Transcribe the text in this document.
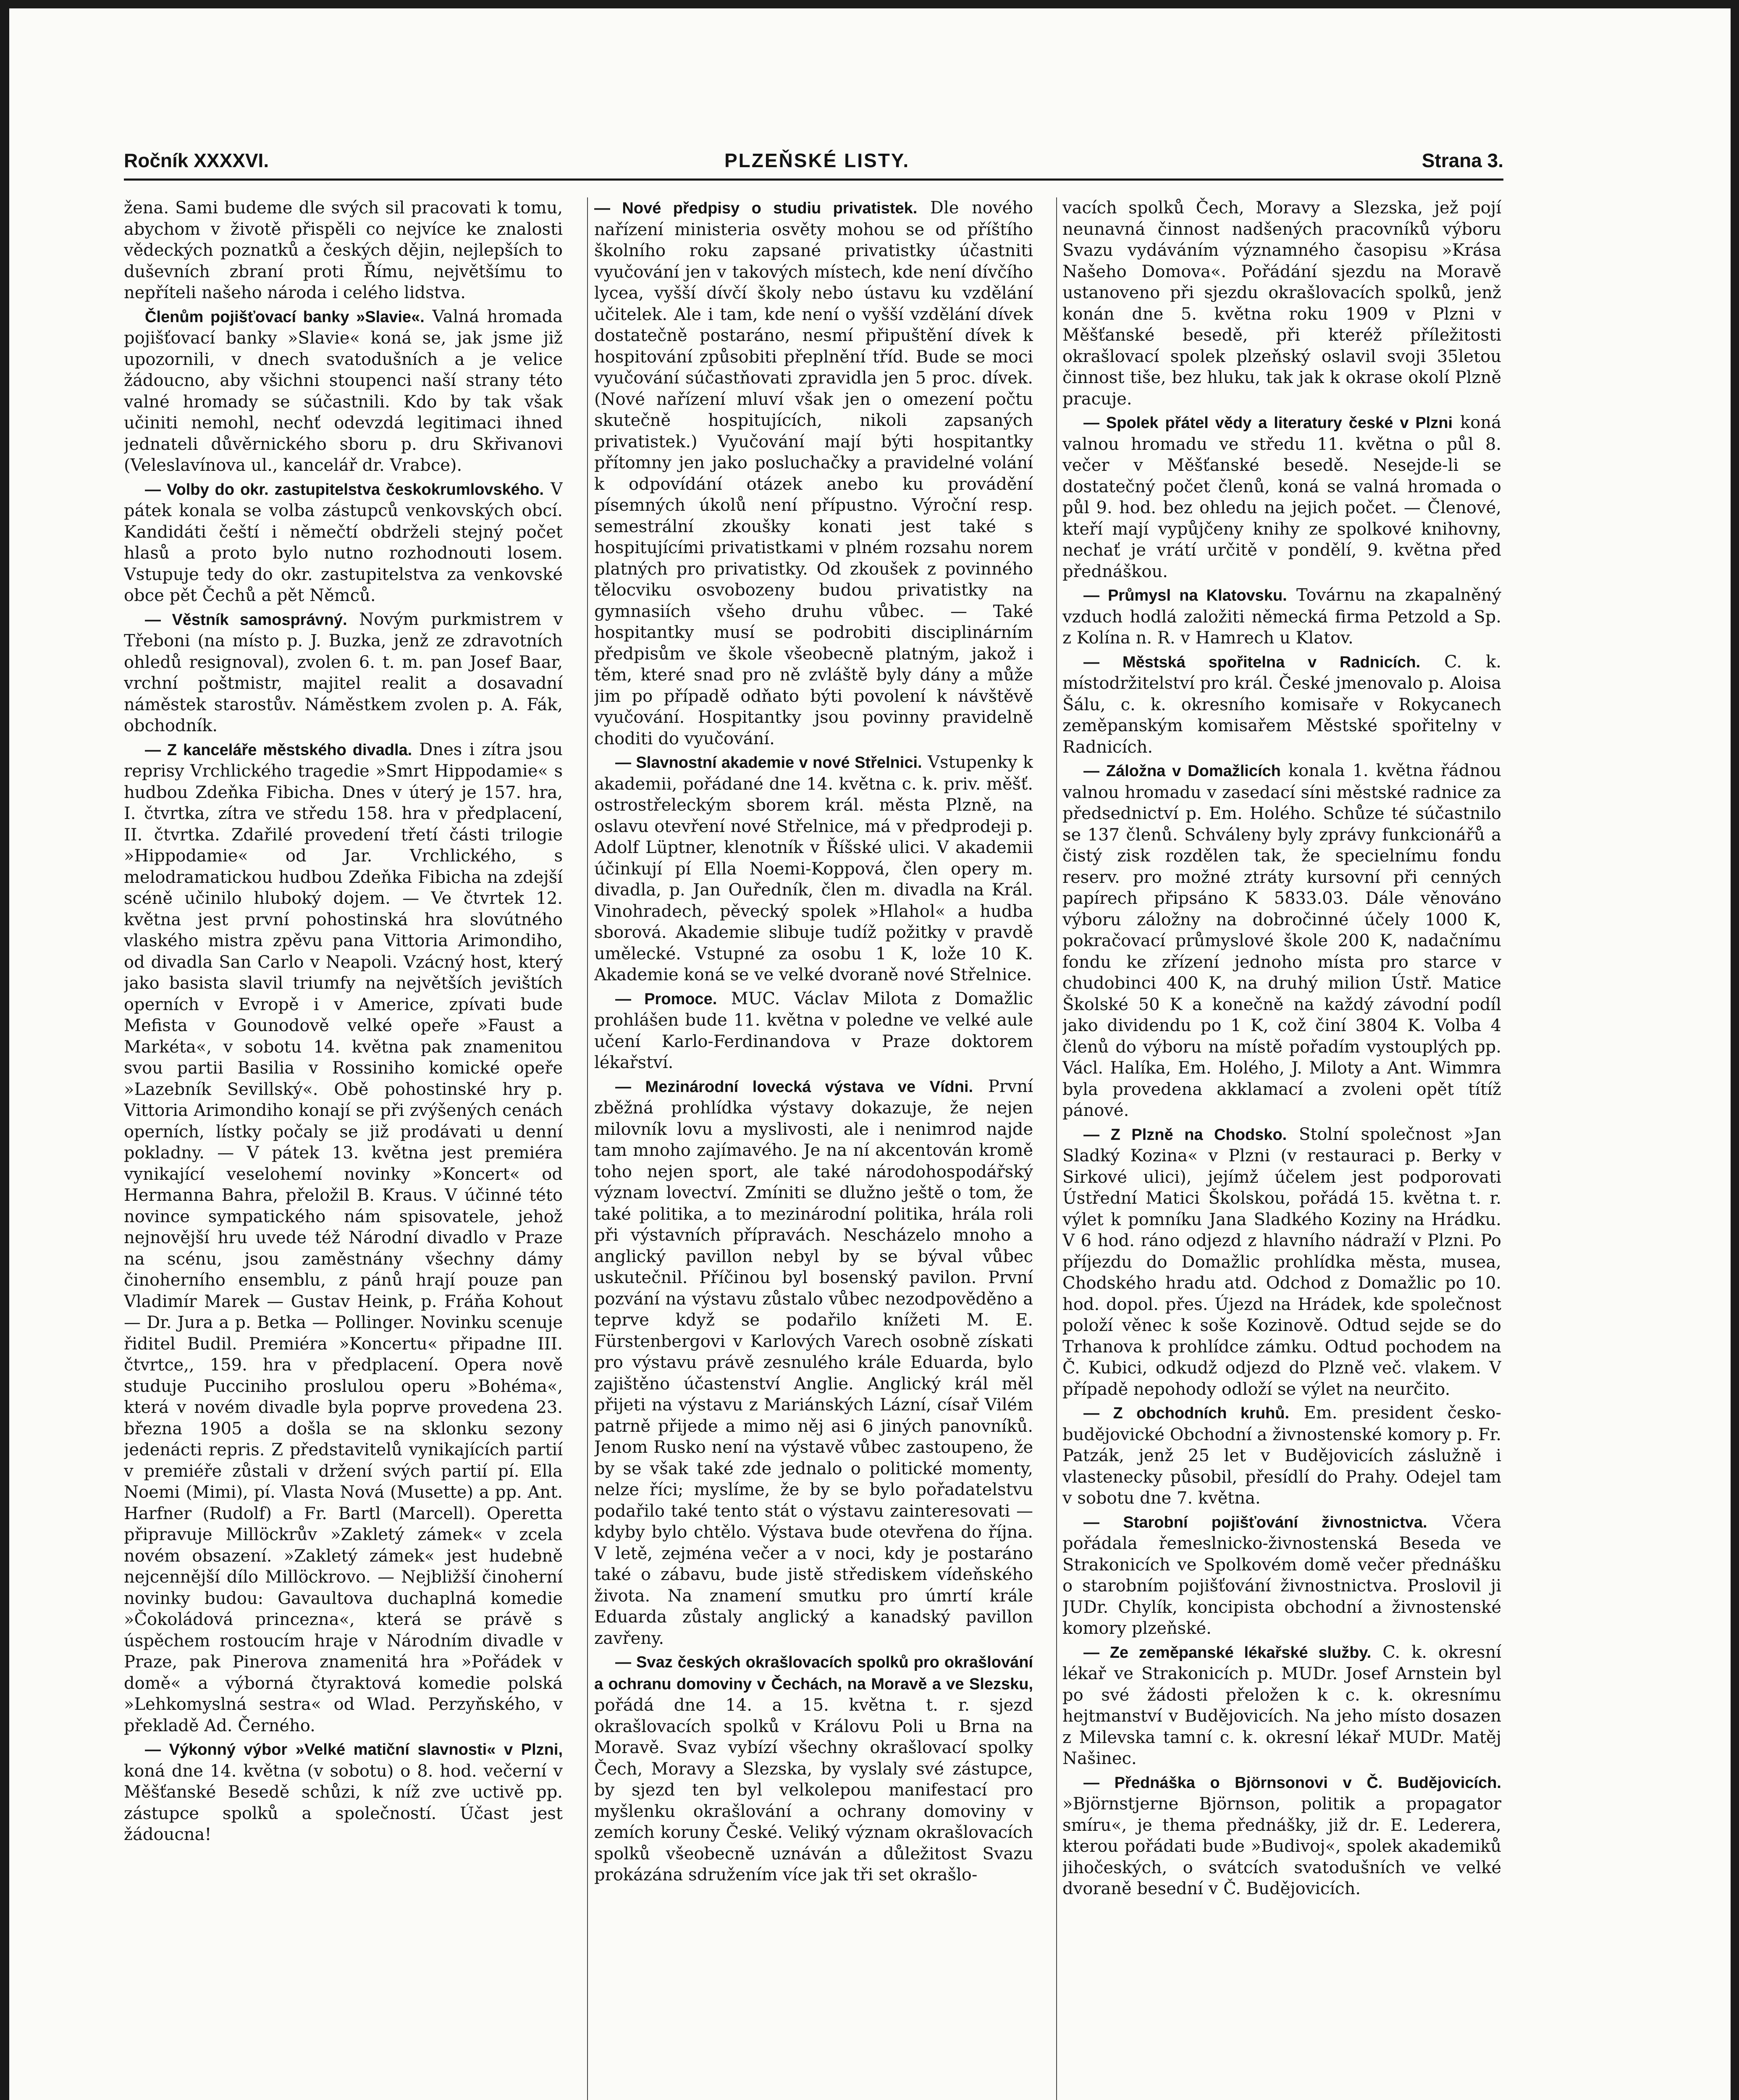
Ročník XXXXVI.	PLZEŇSKÉ LISTY.	Strana 3.

žena. Sami budeme dle svých sil pracovati k tomu, abychom v životě přispěli co nejvíce ke znalosti vědeckých poznatků a českých dějin, nejlepších to duševních zbraní proti Římu, největšímu to nepříteli našeho národa i celého lidstva.

Členům pojišťovací banky »Slavie«. Valná hromada pojišťovací banky »Slavie« koná se, jak jsme již upozornili, v dnech svatodušních a je velice žádoucno, aby všichni stoupenci naší strany této valné hromady se súčastnili. Kdo by tak však učiniti nemohl, nechť odevzdá legitimaci ihned jednateli důvěrnického sboru p. dru Skřivanovi (Veleslavínova ul., kancelář dr. Vrabce).

— Volby do okr. zastupitelstva českokrumlovského. V pátek konala se volba zástupců venkovských obcí. Kandidáti čeští i němečtí obdrželi stejný počet hlasů a proto bylo nutno rozhodnouti losem. Vstupuje tedy do okr. zastupitelstva za venkovské obce pět Čechů a pět Němců.

— Věstník samosprávný. Novým purkmistrem v Třeboni (na místo p. J. Buzka, jenž ze zdravotních ohledů resignoval), zvolen 6. t. m. pan Josef Baar, vrchní poštmistr, majitel realit a dosavadní náměstek starostův. Náměstkem zvolen p. A. Fák, obchodník.

— Z kanceláře městského divadla. Dnes i zítra jsou reprisy Vrchlického tragedie »Smrt Hippodamie« s hudbou Zdeňka Fibicha. Dnes v úterý je 157. hra, I. čtvrtka, zítra ve středu 158. hra v předplacení, II. čtvrtka. Zdařilé provedení třetí části trilogie »Hippodamie« od Jar. Vrchlického, s melodramatickou hudbou Zdeňka Fibicha na zdejší scéně učinilo hluboký dojem. — Ve čtvrtek 12. května jest první pohostinská hra slovútného vlaského mistra zpěvu pana Vittoria Arimondiho, od divadla San Carlo v Neapoli. Vzácný host, který jako basista slavil triumfy na největších jevištích operních v Evropě i v Americe, zpívati bude Mefista v Gounodově velké opeře »Faust a Markéta«, v sobotu 14. května pak znamenitou svou partii Basilia v Rossiniho komické opeře »Lazebník Sevillský«. Obě pohostinské hry p. Vittoria Arimondiho konají se při zvýšených cenách operních, lístky počaly se již prodávati u denní pokladny. — V pátek 13. května jest premiéra vynikající veselohemí novinky »Koncert« od Hermanna Bahra, přeložil B. Kraus. V účinné této novince sympatického nám spisovatele, jehož nejnovější hru uvede též Národní divadlo v Praze na scénu, jsou zaměstnány všechny dámy činoherního ensemblu, z pánů hrají pouze pan Vladimír Marek — Gustav Heink, p. Fráňa Kohout — Dr. Jura a p. Betka — Pollinger. Novinku scenuje řiditel Budil. Premiéra »Koncertu« připadne III. čtvrtce,, 159. hra v předplacení. Opera nově studuje Pucciniho proslulou operu »Bohéma«, která v novém divadle byla poprve provedena 23. března 1905 a došla se na sklonku sezony jedenácti repris. Z představitelů vynikajících partií v premiéře zůstali v držení svých partií pí. Ella Noemi (Mimi), pí. Vlasta Nová (Musette) a pp. Ant. Harfner (Rudolf) a Fr. Bartl (Marcell). Operetta připravuje Millöckrův »Zakletý zámek« v zcela novém obsazení. »Zakletý zámek« jest hudebně nejcennější dílo Millöckrovo. — Nejbližší činoherní novinky budou: Gavaultova duchaplná komedie »Čokoládová princezna«, která se právě s úspěchem rostoucím hraje v Národním divadle v Praze, pak Pinerova znamenitá hra »Pořádek v domě« a výborná čtyraktová komedie polská »Lehkomyslná sestra« od Wlad. Perzyňského, v překladě Ad. Černého.

— Výkonný výbor »Velké matiční slavnosti« v Plzni, koná dne 14. května (v sobotu) o 8. hod. večerní v Měšťanské Besedě schůzi, k níž zve uctivě pp. zástupce spolků a společností. Účast jest žádoucna!

— Nové předpisy o studiu privatistek. Dle nového nařízení ministeria osvěty mohou se od příštího školního roku zapsané privatistky účastniti vyučování jen v takových místech, kde není dívčího lycea, vyšší dívčí školy nebo ústavu ku vzdělání učitelek. Ale i tam, kde není o vyšší vzdělání dívek dostatečně postaráno, nesmí připuštění dívek k hospitování způsobiti přeplnění tříd. Bude se moci vyučování súčastňovati zpravidla jen 5 proc. dívek. (Nové nařízení mluví však jen o omezení počtu skutečně hospitujících, nikoli zapsaných privatistek.) Vyučování mají býti hospitantky přítomny jen jako posluchačky a pravidelné volání k odpovídání otázek anebo ku provádění písemných úkolů není přípustno. Výroční resp. semestrální zkoušky konati jest také s hospitujícími privatistkami v plném rozsahu norem platných pro privatistky. Od zkoušek z povinného tělocviku osvobozeny budou privatistky na gymnasiích všeho druhu vůbec. — Také hospitantky musí se podrobiti disciplinárním předpisům ve škole všeobecně platným, jakož i těm, které snad pro ně zvláště byly dány a může jim po případě odňato býti povolení k návštěvě vyučování. Hospitantky jsou povinny pravidelně choditi do vyučování.

— Slavnostní akademie v nové Střelnici. Vstupenky k akademii, pořádané dne 14. května c. k. priv. měšť. ostrostřeleckým sborem král. města Plzně, na oslavu otevření nové Střelnice, má v předprodeji p. Adolf Lüptner, klenotník v Říšské ulici. V akademii účinkují pí Ella Noemi-Koppová, člen opery m. divadla, p. Jan Ouředník, člen m. divadla na Král. Vinohradech, pěvecký spolek »Hlahol« a hudba sborová. Akademie slibuje tudíž požitky v pravdě umělecké. Vstupné za osobu 1 K, lože 10 K. Akademie koná se ve velké dvoraně nové Střelnice.

— Promoce. MUC. Václav Milota z Domažlic prohlášen bude 11. května v poledne ve velké aule učení Karlo-Ferdinandova v Praze doktorem lékařství.

— Mezinárodní lovecká výstava ve Vídni. První zběžná prohlídka výstavy dokazuje, že nejen milovník lovu a myslivosti, ale i nenimrod najde tam mnoho zajímavého. Je na ní akcentován kromě toho nejen sport, ale také národohospodářský význam lovectví. Zmíniti se dlužno ještě o tom, že také politika, a to mezinárodní politika, hrála roli při výstavních přípravách. Nescházelo mnoho a anglický pavillon nebyl by se býval vůbec uskutečnil. Příčinou byl bosenský pavilon. První pozvání na výstavu zůstalo vůbec nezodpověděno a teprve když se podařilo knížeti M. E. Fürstenbergovi v Karlových Varech osobně získati pro výstavu právě zesnulého krále Eduarda, bylo zajištěno účastenství Anglie. Anglický král měl přijeti na výstavu z Mariánských Lázní, císař Vilém patrně přijede a mimo něj asi 6 jiných panovníků. Jenom Rusko není na výstavě vůbec zastoupeno, že by se však také zde jednalo o politické momenty, nelze říci; myslíme, že by se bylo pořadatelstvu podařilo také tento stát o výstavu zainteresovati — kdyby bylo chtělo. Výstava bude otevřena do října. V letě, zejména večer a v noci, kdy je postaráno také o zábavu, bude jistě střediskem vídeňského života. Na znamení smutku pro úmrtí krále Eduarda zůstaly anglický a kanadský pavillon zavřeny.

— Svaz českých okrašlovacích spolků pro okrašlování a ochranu domoviny v Čechách, na Moravě a ve Slezsku, pořádá dne 14. a 15. května t. r. sjezd okrašlovacích spolků v Královu Poli u Brna na Moravě. Svaz vybízí všechny okrašlovací spolky Čech, Moravy a Slezska, by vyslaly své zástupce, by sjezd ten byl velkolepou manifestací pro myšlenku okrašlování a ochrany domoviny v zemích koruny České. Veliký význam okrašlovacích spolků všeobecně uznáván a důležitost Svazu prokázána sdružením více jak tři set okrašlo-

vacích spolků Čech, Moravy a Slezska, jež pojí neunavná činnost nadšených pracovníků výboru Svazu vydáváním významného časopisu »Krása Našeho Domova«. Pořádání sjezdu na Moravě ustanoveno při sjezdu okrašlovacích spolků, jenž konán dne 5. května roku 1909 v Plzni v Měšťanské besedě, při kteréž příležitosti okrašlovací spolek plzeňský oslavil svoji 35letou činnost tiše, bez hluku, tak jak k okrase okolí Plzně pracuje.

— Spolek přátel vědy a literatury české v Plzni koná valnou hromadu ve středu 11. května o půl 8. večer v Měšťanské besedě. Nesejde-li se dostatečný počet členů, koná se valná hromada o půl 9. hod. bez ohledu na jejich počet. — Členové, kteří mají vypůjčeny knihy ze spolkové knihovny, nechať je vrátí určitě v pondělí, 9. května před přednáškou.

— Průmysl na Klatovsku. Továrnu na zkapalněný vzduch hodlá založiti německá firma Petzold a Sp. z Kolína n. R. v Hamrech u Klatov.

— Městská spořitelna v Radnicích. C. k. místodržitelství pro král. České jmenovalo p. Aloisa Šálu, c. k. okresního komisaře v Rokycanech zeměpanským komisařem Městské spořitelny v Radnicích.

— Záložna v Domažlicích konala 1. května řádnou valnou hromadu v zasedací síni městské radnice za předsednictví p. Em. Holého. Schůze té súčastnilo se 137 členů. Schváleny byly zprávy funkcionářů a čistý zisk rozdělen tak, že specielnímu fondu reserv. pro možné ztráty kursovní při cenných papírech připsáno K 5833.03. Dále věnováno výboru záložny na dobročinné účely 1000 K, pokračovací průmyslové škole 200 K, nadačnímu fondu ke zřízení jednoho místa pro starce v chudobinci 400 K, na druhý milion Ústř. Matice Školské 50 K a konečně na každý závodní podíl jako dividendu po 1 K, což činí 3804 K. Volba 4 členů do výboru na místě pořadím vystouplých pp. Václ. Halíka, Em. Holého, J. Miloty a Ant. Wimmra byla provedena akklamací a zvoleni opět títíž pánové.

— Z Plzně na Chodsko. Stolní společnost »Jan Sladký Kozina« v Plzni (v restauraci p. Berky v Sirkové ulici), jejímž účelem jest podporovati Ústřední Matici Školskou, pořádá 15. května t. r. výlet k pomníku Jana Sladkého Koziny na Hrádku. V 6 hod. ráno odjezd z hlavního nádraží v Plzni. Po příjezdu do Domažlic prohlídka města, musea, Chodského hradu atd. Odchod z Domažlic po 10. hod. dopol. přes. Újezd na Hrádek, kde společnost položí věnec k soše Kozinově. Odtud sejde se do Trhanova k prohlídce zámku. Odtud pochodem na Č. Kubici, odkudž odjezd do Plzně več. vlakem. V případě nepohody odloží se výlet na neurčito.

— Z obchodních kruhů. Em. president česko-budějovické Obchodní a živnostenské komory p. Fr. Patzák, jenž 25 let v Budějovicích záslužně i vlastenecky působil, přesídlí do Prahy. Odejel tam v sobotu dne 7. května.

— Starobní pojišťování živnostnictva. Včera pořádala řemeslnicko-živnostenská Beseda ve Strakonicích ve Spolkovém domě večer přednášku o starobním pojišťování živnostnictva. Proslovil ji JUDr. Chylík, koncipista obchodní a živnostenské komory plzeňské.

— Ze zeměpanské lékařské služby. C. k. okresní lékař ve Strakonicích p. MUDr. Josef Arnstein byl po své žádosti přeložen k c. k. okresnímu hejtmanství v Budějovicích. Na jeho místo dosazen z Milevska tamní c. k. okresní lékař MUDr. Matěj Našinec.

— Přednáška o Björnsonovi v Č. Budějovicích. »Björnstjerne Björnson, politik a propagator smíru«, je thema přednášky, již dr. E. Lederera, kterou pořádati bude »Budivoj«, spolek akademiků jihočeských, o svátcích svatodušních ve velké dvoraně besední v Č. Budějovicích.
